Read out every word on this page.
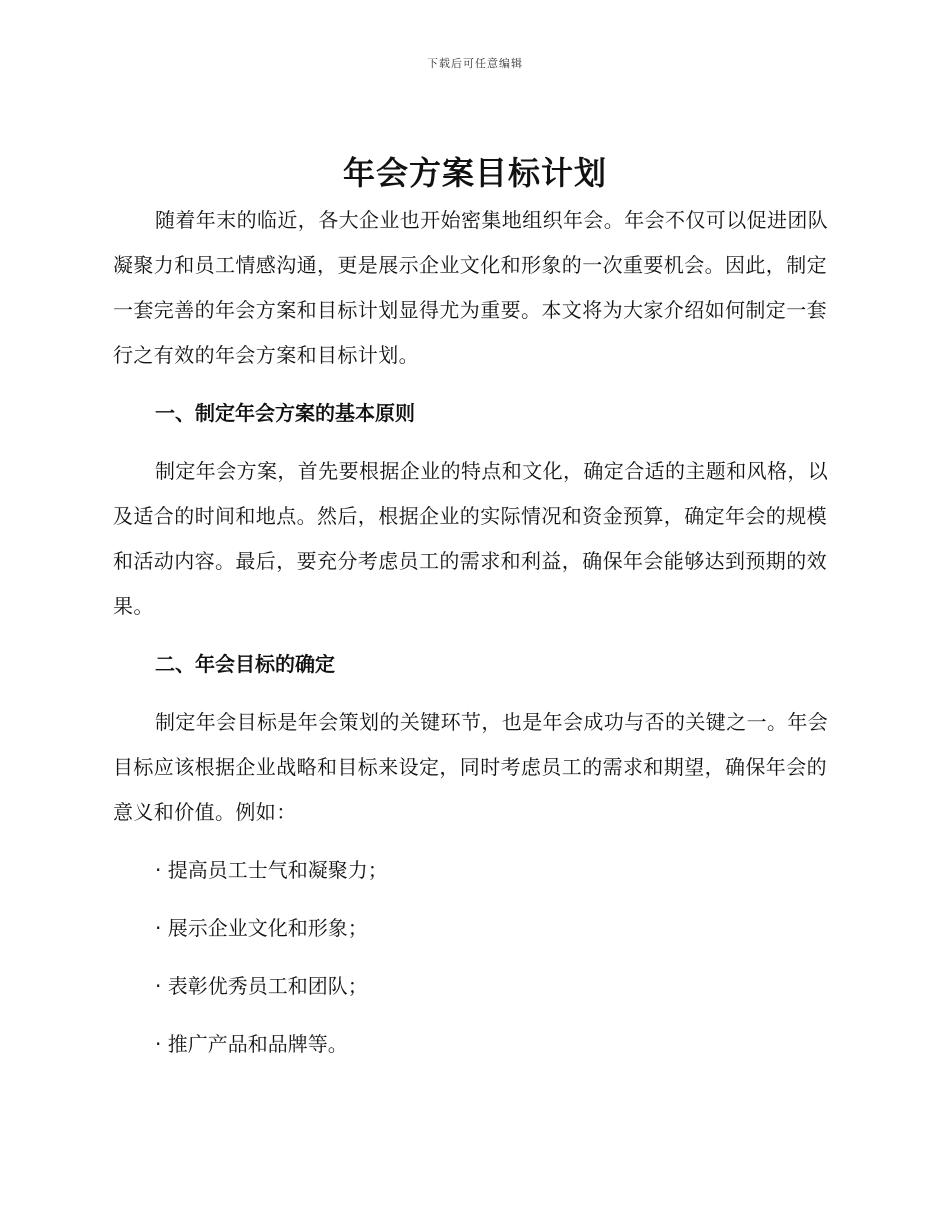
下载后可任意编辑
年会方案目标计划

随着年末的临近，各大企业也开始密集地组织年会。年会不仅可以促进团队凝聚力和员工情感沟通，更是展示企业文化和形象的一次重要机会。因此，制定一套完善的年会方案和目标计划显得尤为重要。本文将为大家介绍如何制定一套行之有效的年会方案和目标计划。

一、制定年会方案的基本原则

制定年会方案，首先要根据企业的特点和文化，确定合适的主题和风格，以及适合的时间和地点。然后，根据企业的实际情况和资金预算，确定年会的规模和活动内容。最后，要充分考虑员工的需求和利益，确保年会能够达到预期的效果。

二、年会目标的确定

制定年会目标是年会策划的关键环节，也是年会成功与否的关键之一。年会目标应该根据企业战略和目标来设定，同时考虑员工的需求和期望，确保年会的意义和价值。例如：

· 提高员工士气和凝聚力；

· 展示企业文化和形象；

· 表彰优秀员工和团队；

· 推广产品和品牌等。
